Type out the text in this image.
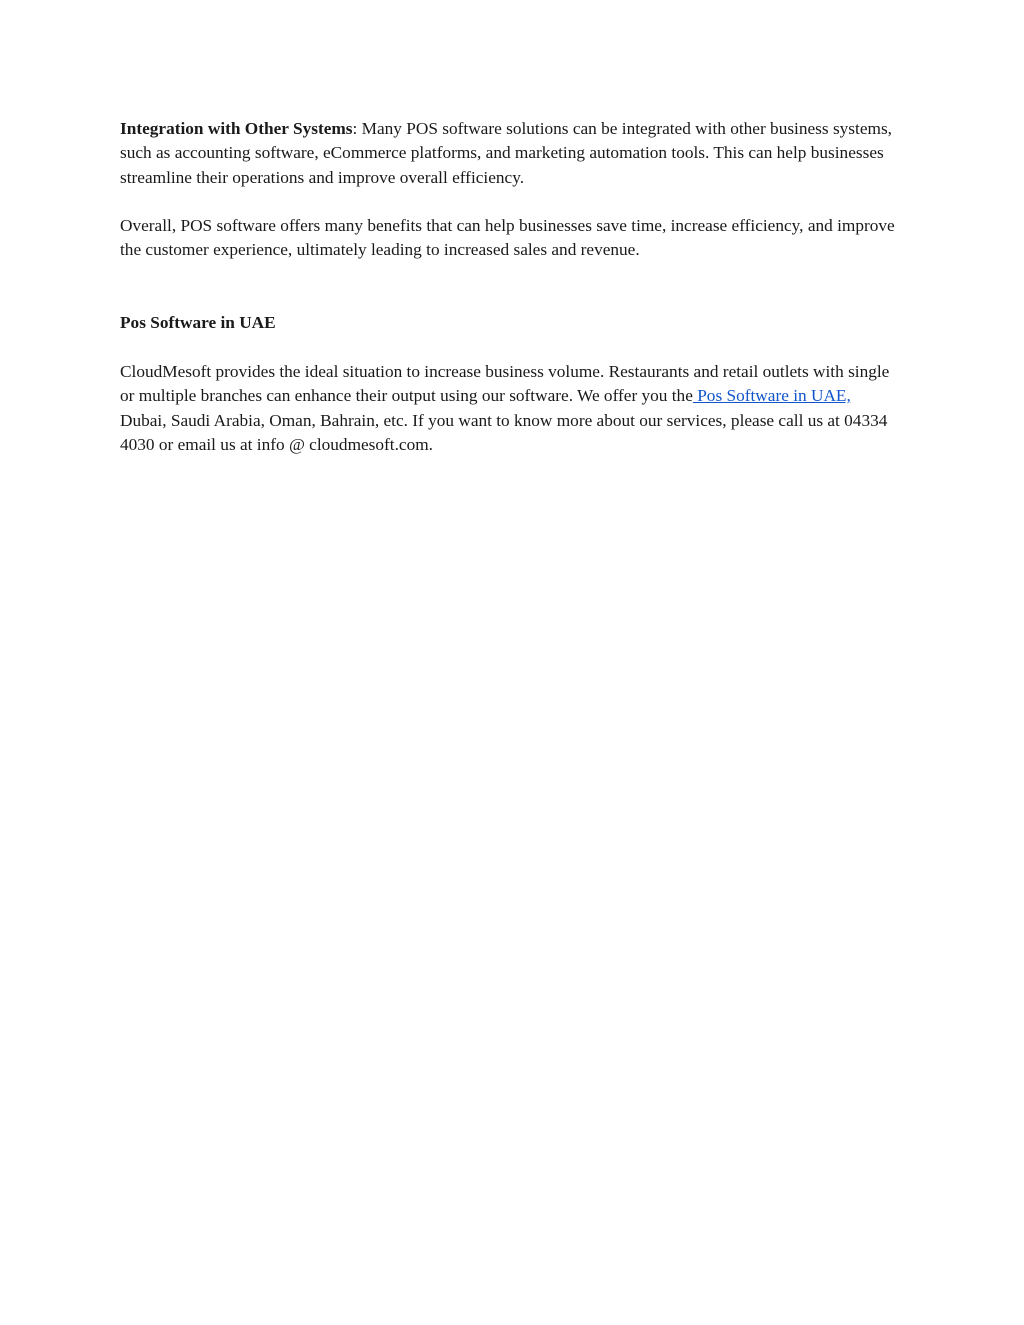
Integration with Other Systems: Many POS software solutions can be integrated with other business systems, such as accounting software, eCommerce platforms, and marketing automation tools. This can help businesses streamline their operations and improve overall efficiency.

Overall, POS software offers many benefits that can help businesses save time, increase efficiency, and improve the customer experience, ultimately leading to increased sales and revenue.

Pos Software in UAE

CloudMesoft provides the ideal situation to increase business volume. Restaurants and retail outlets with single or multiple branches can enhance their output using our software. We offer you the Pos Software in UAE, Dubai, Saudi Arabia, Oman, Bahrain, etc. If you want to know more about our services, please call us at 04334 4030 or email us at info @ cloudmesoft.com.
